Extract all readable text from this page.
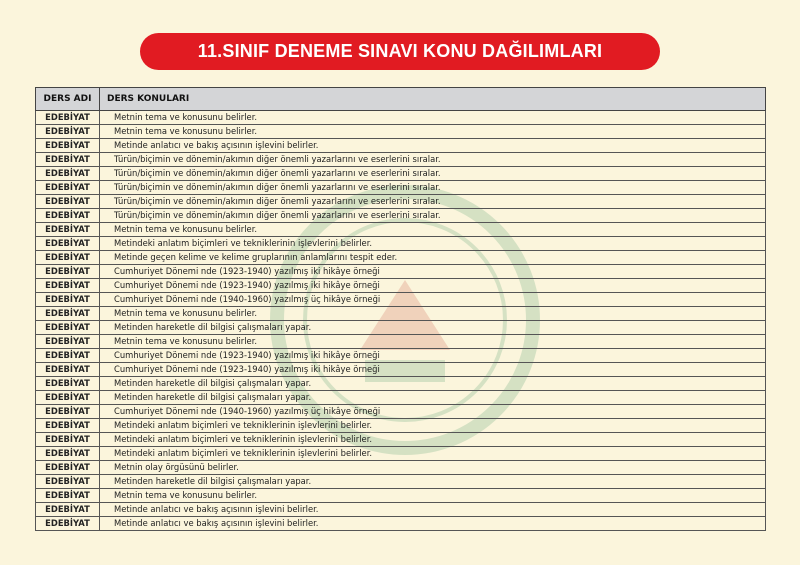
11.SINIF DENEME SINAVI KONU DAĞILIMLARI
DERS ADI	DERS KONULARI
EDEBİYAT	Metnin tema ve konusunu belirler.
EDEBİYAT	Metnin tema ve konusunu belirler.
EDEBİYAT	Metinde anlatıcı ve bakış açısının işlevini belirler.
EDEBİYAT	Türün/biçimin ve dönemin/akımın diğer önemli yazarlarını ve eserlerini sıralar.
EDEBİYAT	Türün/biçimin ve dönemin/akımın diğer önemli yazarlarını ve eserlerini sıralar.
EDEBİYAT	Türün/biçimin ve dönemin/akımın diğer önemli yazarlarını ve eserlerini sıralar.
EDEBİYAT	Türün/biçimin ve dönemin/akımın diğer önemli yazarlarını ve eserlerini sıralar.
EDEBİYAT	Türün/biçimin ve dönemin/akımın diğer önemli yazarlarını ve eserlerini sıralar.
EDEBİYAT	Metnin tema ve konusunu belirler.
EDEBİYAT	Metindeki anlatım biçimleri ve tekniklerinin işlevlerini belirler.
EDEBİYAT	Metinde geçen kelime ve kelime gruplarının anlamlarını tespit eder.
EDEBİYAT	Cumhuriyet Dönemi nde (1923-1940) yazılmış iki hikâye örneği
EDEBİYAT	Cumhuriyet Dönemi nde (1923-1940) yazılmış iki hikâye örneği
EDEBİYAT	Cumhuriyet Dönemi nde (1940-1960) yazılmış üç hikâye örneği
EDEBİYAT	Metnin tema ve konusunu belirler.
EDEBİYAT	Metinden hareketle dil bilgisi çalışmaları yapar.
EDEBİYAT	Metnin tema ve konusunu belirler.
EDEBİYAT	Cumhuriyet Dönemi nde (1923-1940) yazılmış iki hikâye örneği
EDEBİYAT	Cumhuriyet Dönemi nde (1923-1940) yazılmış iki hikâye örneği
EDEBİYAT	Metinden hareketle dil bilgisi çalışmaları yapar.
EDEBİYAT	Metinden hareketle dil bilgisi çalışmaları yapar.
EDEBİYAT	Cumhuriyet Dönemi nde (1940-1960) yazılmış üç hikâye örneği
EDEBİYAT	Metindeki anlatım biçimleri ve tekniklerinin işlevlerini belirler.
EDEBİYAT	Metindeki anlatım biçimleri ve tekniklerinin işlevlerini belirler.
EDEBİYAT	Metindeki anlatım biçimleri ve tekniklerinin işlevlerini belirler.
EDEBİYAT	Metnin olay örgüsünü belirler.
EDEBİYAT	Metinden hareketle dil bilgisi çalışmaları yapar.
EDEBİYAT	Metnin tema ve konusunu belirler.
EDEBİYAT	Metinde anlatıcı ve bakış açısının işlevini belirler.
EDEBİYAT	Metinde anlatıcı ve bakış açısının işlevini belirler.
